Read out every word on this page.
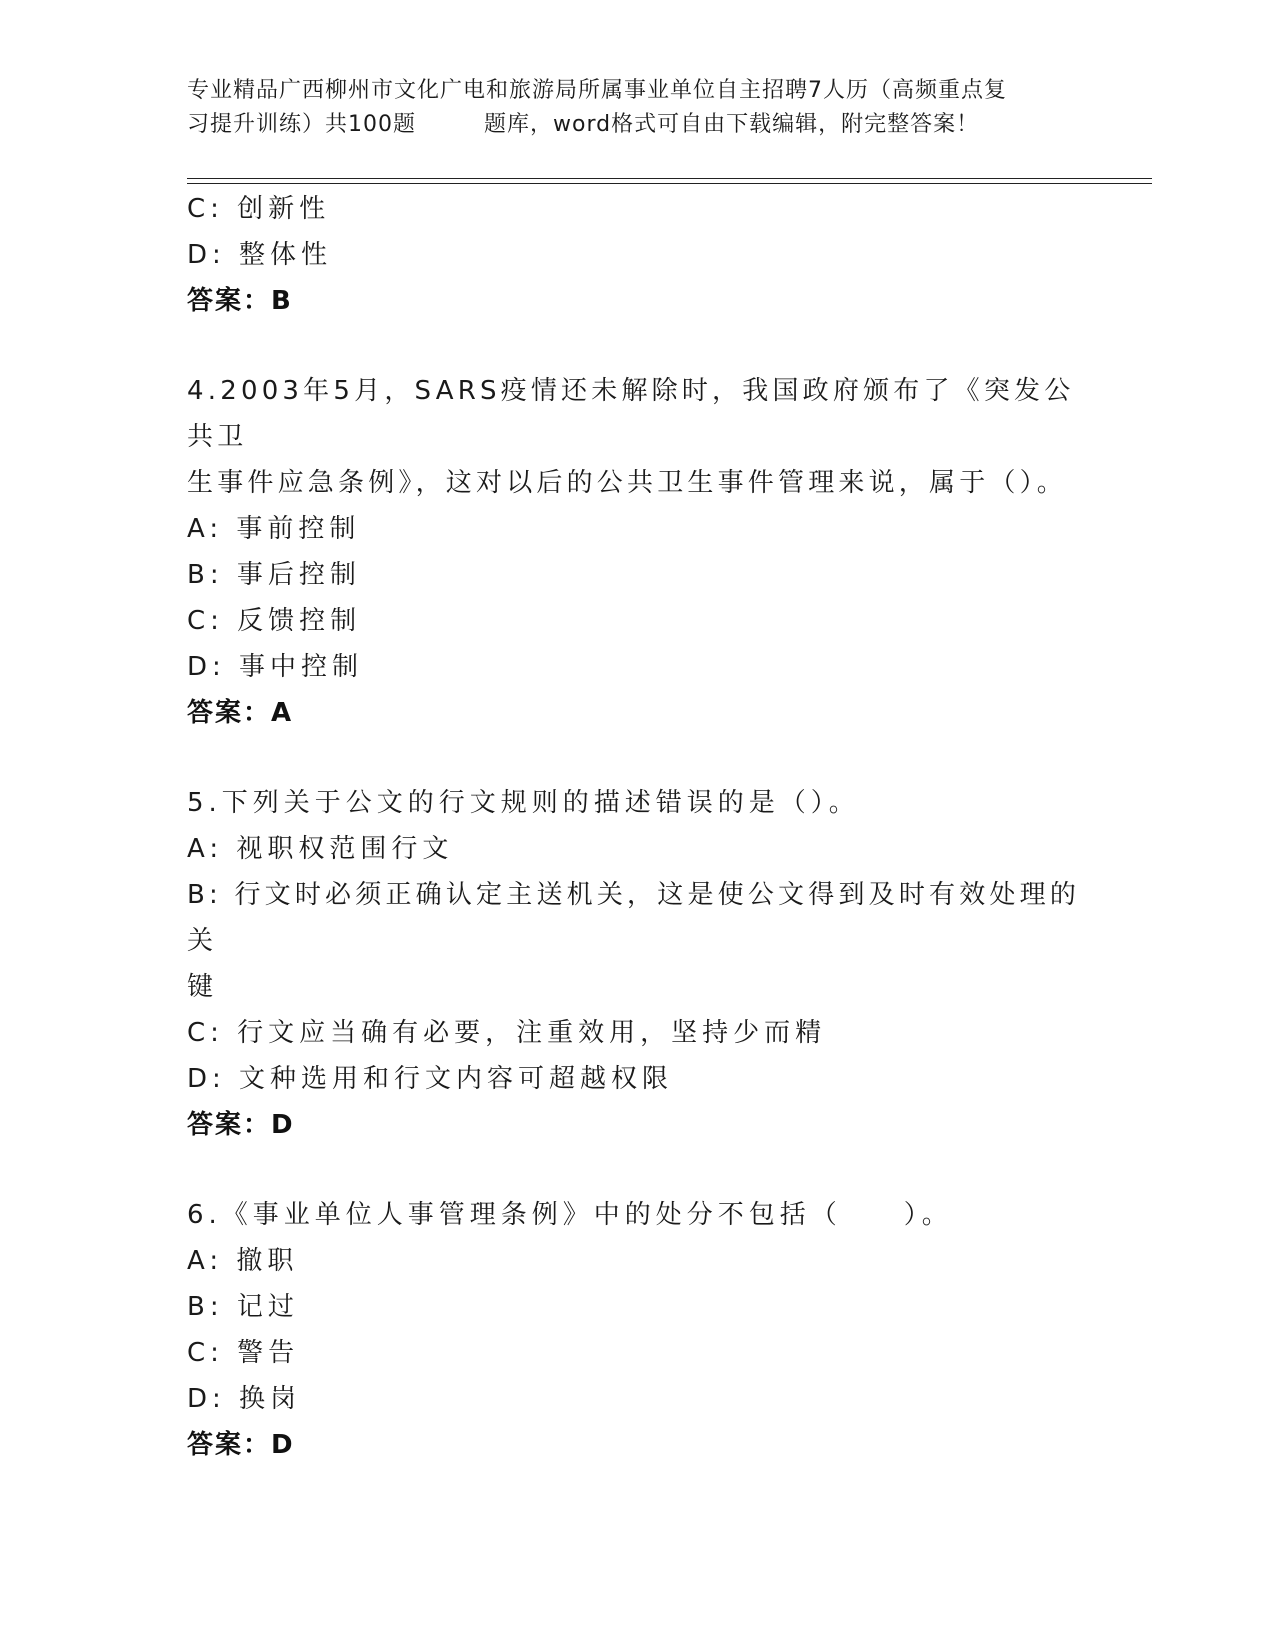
专业精品广西柳州市文化广电和旅游局所属事业单位自主招聘7人历（高频重点复
习提升训练）共100题	题库，word格式可自由下载编辑，附完整答案！
C: 创新性
D: 整体性
答案：B
4.2003年5月，SARS疫情还未解除时，我国政府颁布了《突发公共卫
生事件应急条例》，这对以后的公共卫生事件管理来说，属于（）。
A: 事前控制
B: 事后控制
C: 反馈控制
D: 事中控制
答案：A
5.下列关于公文的行文规则的描述错误的是（）。
A: 视职权范围行文
B: 行文时必须正确认定主送机关，这是使公文得到及时有效处理的关
键
C: 行文应当确有必要，注重效用，坚持少而精
D: 文种选用和行文内容可超越权限
答案：D
6.《事业单位人事管理条例》中的处分不包括（　　）。
A: 撤职
B: 记过
C: 警告
D: 换岗
答案：D
